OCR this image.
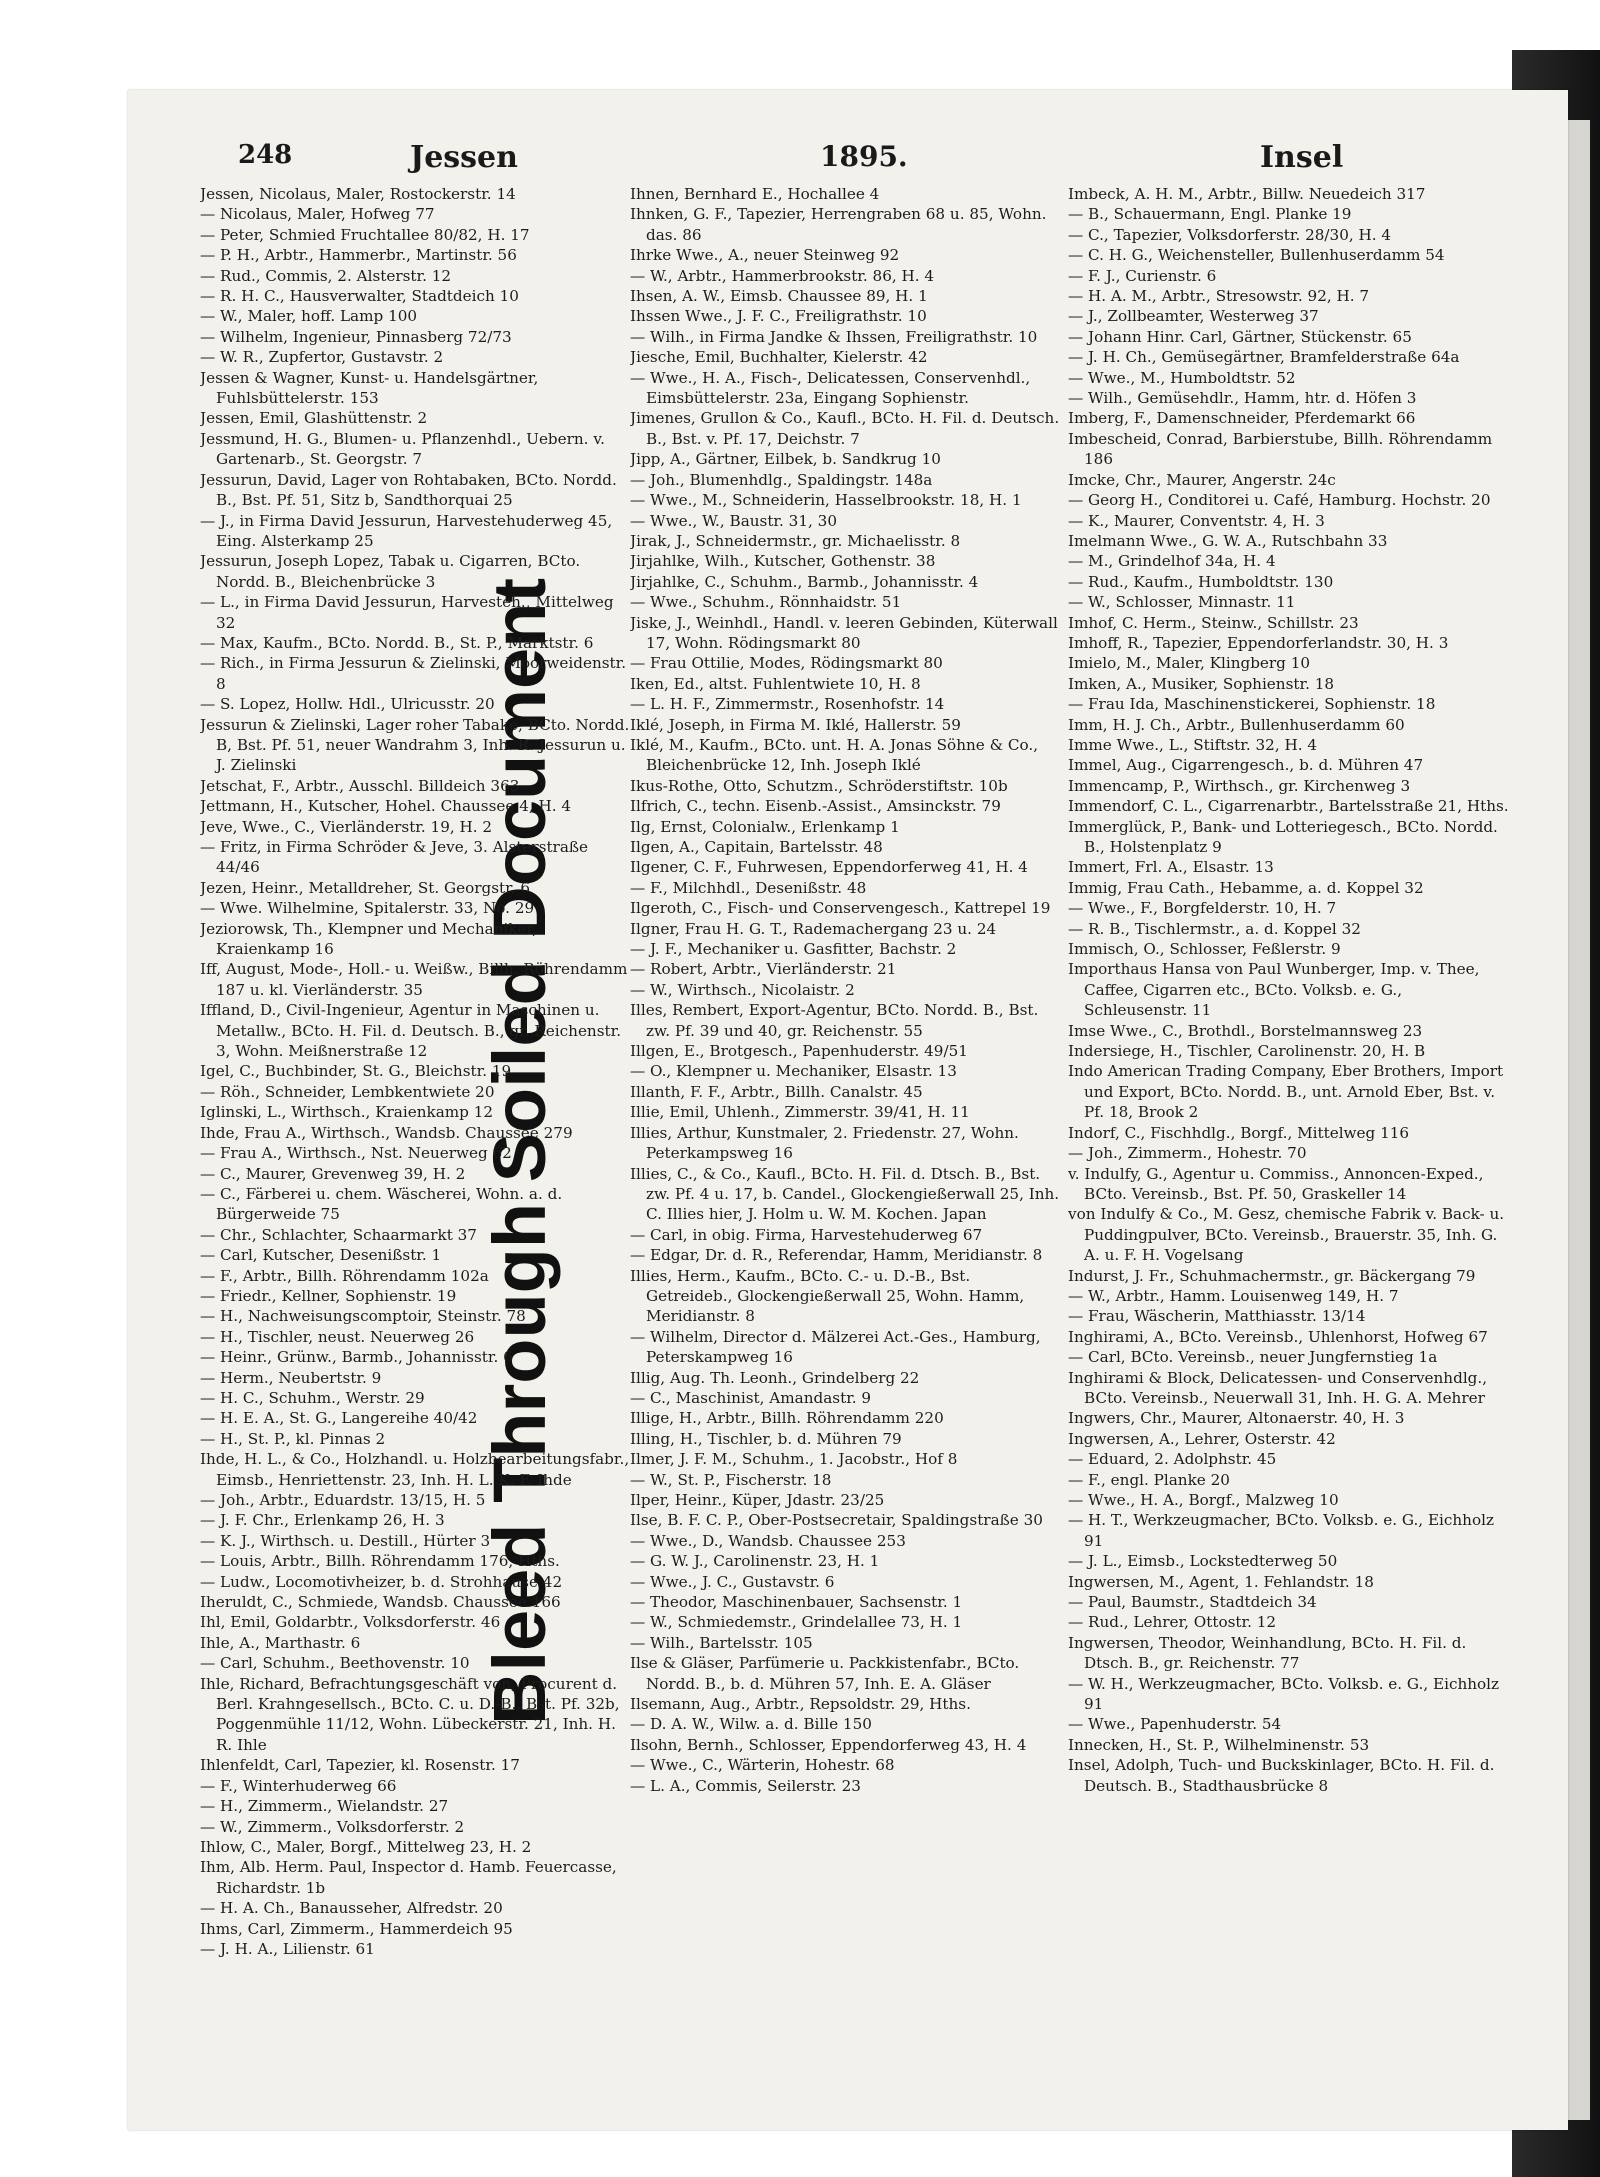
Bleed Through Soiled Document
248	Jessen	1895.	Insel
Jessen, Nicolaus, Maler, Rostockerstr. 14
— Nicolaus, Maler, Hofweg 77
— Peter, Schmied Fruchtallee 80/82, H. 17
— P. H., Arbtr., Hammerbr., Martinstr. 56
— Rud., Commis, 2. Alsterstr. 12
— R. H. C., Hausverwalter, Stadtdeich 10
— W., Maler, hoff. Lamp 100
— Wilhelm, Ingenieur, Pinnasberg 72/73
— W. R., Zupfertor, Gustavstr. 2
Jessen & Wagner, Kunst- u. Handelsgärtner, Fuhlsbüttelerstr. 153
Jessen, Emil, Glashüttenstr. 2
Jessmund, H. G., Blumen- u. Pflanzenhdl., Uebern. v. Gartenarb., St. Georgstr. 7
Jessurun, David, Lager von Rohtabaken, BCto. Nordd. B., Bst. Pf. 51, Sitz b, Sandthorquai 25
— J., in Firma David Jessurun, Harvestehuderweg 45, Eing. Alsterkamp 25
Jessurun, Joseph Lopez, Tabak u. Cigarren, BCto. Nordd. B., Bleichenbrücke 3
— L., in Firma David Jessurun, Harvesteh., Mittelweg 32
— Max, Kaufm., BCto. Nordd. B., St. P., Marktstr. 6
— Rich., in Firma Jessurun & Zielinski, Moorweidenstr. 8
— S. Lopez, Hollw. Hdl., Ulricusstr. 20
Jessurun & Zielinski, Lager roher Tabake, BCto. Nordd. B, Bst. Pf. 51, neuer Wandrahm 3, Inh. R. Jessurun u. J. Zielinski
Jetschat, F., Arbtr., Ausschl. Billdeich 363
Jettmann, H., Kutscher, Hohel. Chaussee 4, H. 4
Jeve, Wwe., C., Vierländerstr. 19, H. 2
— Fritz, in Firma Schröder & Jeve, 3. Alsterstraße 44/46
Jezen, Heinr., Metalldreher, St. Georgstr. 6
— Wwe. Wilhelmine, Spitalerstr. 33, No. 29
Jeziorowsk, Th., Klempner und Mechaniker, Kraienkamp 16
Iff, August, Mode-, Holl.- u. Weißw., Billh. Röhrendamm 187 u. kl. Vierländerstr. 35
Iffland, D., Civil-Ingenieur, Agentur in Maschinen u. Metallw., BCto. H. Fil. d. Deutsch. B., gr. Reichenstr. 3, Wohn. Meißnerstraße 12
Igel, C., Buchbinder, St. G., Bleichstr. 19
— Röh., Schneider, Lembkentwiete 20
Iglinski, L., Wirthsch., Kraienkamp 12
Ihde, Frau A., Wirthsch., Wandsb. Chaussee 279
— Frau A., Wirthsch., Nst. Neuerweg 62
— C., Maurer, Grevenweg 39, H. 2
— C., Färberei u. chem. Wäscherei, Wohn. a. d. Bürgerweide 75
— Chr., Schlachter, Schaarmarkt 37
— Carl, Kutscher, Desenißstr. 1
— F., Arbtr., Billh. Röhrendamm 102a
— Friedr., Kellner, Sophienstr. 19
— H., Nachweisungscomptoir, Steinstr. 78
— H., Tischler, neust. Neuerweg 26
— Heinr., Grünw., Barmb., Johannisstr. 6
— Herm., Neubertstr. 9
— H. C., Schuhm., Werstr. 29
— H. E. A., St. G., Langereihe 40/42
— H., St. P., kl. Pinnas 2
Ihde, H. L., & Co., Holzhandl. u. Holzbearbeitungsfabr., Eimsb., Henriettenstr. 23, Inh. H. L. K. F. Ihde
— Joh., Arbtr., Eduardstr. 13/15, H. 5
— J. F. Chr., Erlenkamp 26, H. 3
— K. J., Wirthsch. u. Destill., Hürter 3
— Louis, Arbtr., Billh. Röhrendamm 176, Hths.
— Ludw., Locomotivheizer, b. d. Strohhause 42
Iheruldt, C., Schmiede, Wandsb. Chaussee 166
Ihl, Emil, Goldarbtr., Volksdorferstr. 46
Ihle, A., Marthastr. 6
— Carl, Schuhm., Beethovenstr. 10
Ihle, Richard, Befrachtungsgeschäft von, Procurent d. Berl. Krahngesellsch., BCto. C. u. D.-B., Bst. Pf. 32b, Poggenmühle 11/12, Wohn. Lübeckerstr. 21, Inh. H. R. Ihle
Ihlenfeldt, Carl, Tapezier, kl. Rosenstr. 17
— F., Winterhuderweg 66
— H., Zimmerm., Wielandstr. 27
— W., Zimmerm., Volksdorferstr. 2
Ihlow, C., Maler, Borgf., Mittelweg 23, H. 2
Ihm, Alb. Herm. Paul, Inspector d. Hamb. Feuercasse, Richardstr. 1b
— H. A. Ch., Banausseher, Alfredstr. 20
Ihms, Carl, Zimmerm., Hammerdeich 95
— J. H. A., Lilienstr. 61
Ihnen, Bernhard E., Hochallee 4
Ihnken, G. F., Tapezier, Herrengraben 68 u. 85, Wohn. das. 86
Ihrke Wwe., A., neuer Steinweg 92
— W., Arbtr., Hammerbrookstr. 86, H. 4
Ihsen, A. W., Eimsb. Chaussee 89, H. 1
Ihssen Wwe., J. F. C., Freiligrathstr. 10
— Wilh., in Firma Jandke & Ihssen, Freiligrathstr. 10
Jiesche, Emil, Buchhalter, Kielerstr. 42
— Wwe., H. A., Fisch-, Delicatessen, Conservenhdl., Eimsbüttelerstr. 23a, Eingang Sophienstr.
Jimenes, Grullon & Co., Kaufl., BCto. H. Fil. d. Deutsch. B., Bst. v. Pf. 17, Deichstr. 7
Jipp, A., Gärtner, Eilbek, b. Sandkrug 10
— Joh., Blumenhdlg., Spaldingstr. 148a
— Wwe., M., Schneiderin, Hasselbrookstr. 18, H. 1
— Wwe., W., Baustr. 31, 30
Jirak, J., Schneidermstr., gr. Michaelisstr. 8
Jirjahlke, Wilh., Kutscher, Gothenstr. 38
Jirjahlke, C., Schuhm., Barmb., Johannisstr. 4
— Wwe., Schuhm., Rönnhaidstr. 51
Jiske, J., Weinhdl., Handl. v. leeren Gebinden, Küterwall 17, Wohn. Rödingsmarkt 80
— Frau Ottilie, Modes, Rödingsmarkt 80
Iken, Ed., altst. Fuhlentwiete 10, H. 8
— L. H. F., Zimmermstr., Rosenhofstr. 14
Iklé, Joseph, in Firma M. Iklé, Hallerstr. 59
Iklé, M., Kaufm., BCto. unt. H. A. Jonas Söhne & Co., Bleichenbrücke 12, Inh. Joseph Iklé
Ikus-Rothe, Otto, Schutzm., Schröderstiftstr. 10b
Ilfrich, C., techn. Eisenb.-Assist., Amsinckstr. 79
Ilg, Ernst, Colonialw., Erlenkamp 1
Ilgen, A., Capitain, Bartelsstr. 48
Ilgener, C. F., Fuhrwesen, Eppendorferweg 41, H. 4
— F., Milchhdl., Desenißstr. 48
Ilgeroth, C., Fisch- und Conservengesch., Kattrepel 19
Ilgner, Frau H. G. T., Rademachergang 23 u. 24
— J. F., Mechaniker u. Gasfitter, Bachstr. 2
— Robert, Arbtr., Vierländerstr. 21
— W., Wirthsch., Nicolaistr. 2
Illes, Rembert, Export-Agentur, BCto. Nordd. B., Bst. zw. Pf. 39 und 40, gr. Reichenstr. 55
Illgen, E., Brotgesch., Papenhuderstr. 49/51
— O., Klempner u. Mechaniker, Elsastr. 13
Illanth, F. F., Arbtr., Billh. Canalstr. 45
Illie, Emil, Uhlenh., Zimmerstr. 39/41, H. 11
Illies, Arthur, Kunstmaler, 2. Friedenstr. 27, Wohn. Peterkampsweg 16
Illies, C., & Co., Kaufl., BCto. H. Fil. d. Dtsch. B., Bst. zw. Pf. 4 u. 17, b. Candel., Glockengießerwall 25, Inh. C. Illies hier, J. Holm u. W. M. Kochen. Japan
— Carl, in obig. Firma, Harvestehuderweg 67
— Edgar, Dr. d. R., Referendar, Hamm, Meridianstr. 8
Illies, Herm., Kaufm., BCto. C.- u. D.-B., Bst. Getreideb., Glockengießerwall 25, Wohn. Hamm, Meridianstr. 8
— Wilhelm, Director d. Mälzerei Act.-Ges., Hamburg, Peterskampweg 16
Illig, Aug. Th. Leonh., Grindelberg 22
— C., Maschinist, Amandastr. 9
Illige, H., Arbtr., Billh. Röhrendamm 220
Illing, H., Tischler, b. d. Mühren 79
Ilmer, J. F. M., Schuhm., 1. Jacobstr., Hof 8
— W., St. P., Fischerstr. 18
Ilper, Heinr., Küper, Jdastr. 23/25
Ilse, B. F. C. P., Ober-Postsecretair, Spaldingstraße 30
— Wwe., D., Wandsb. Chaussee 253
— G. W. J., Carolinenstr. 23, H. 1
— Wwe., J. C., Gustavstr. 6
— Theodor, Maschinenbauer, Sachsenstr. 1
— W., Schmiedemstr., Grindelallee 73, H. 1
— Wilh., Bartelsstr. 105
Ilse & Gläser, Parfümerie u. Packkistenfabr., BCto. Nordd. B., b. d. Mühren 57, Inh. E. A. Gläser
Ilsemann, Aug., Arbtr., Repsoldstr. 29, Hths.
— D. A. W., Wilw. a. d. Bille 150
Ilsohn, Bernh., Schlosser, Eppendorferweg 43, H. 4
— Wwe., C., Wärterin, Hohestr. 68
— L. A., Commis, Seilerstr. 23
Imbeck, A. H. M., Arbtr., Billw. Neuedeich 317
— B., Schauermann, Engl. Planke 19
— C., Tapezier, Volksdorferstr. 28/30, H. 4
— C. H. G., Weichensteller, Bullenhuserdamm 54
— F. J., Curienstr. 6
— H. A. M., Arbtr., Stresowstr. 92, H. 7
— J., Zollbeamter, Westerweg 37
— Johann Hinr. Carl, Gärtner, Stückenstr. 65
— J. H. Ch., Gemüsegärtner, Bramfelderstraße 64a
— Wwe., M., Humboldtstr. 52
— Wilh., Gemüsehdlr., Hamm, htr. d. Höfen 3
Imberg, F., Damenschneider, Pferdemarkt 66
Imbescheid, Conrad, Barbierstube, Billh. Röhrendamm 186
Imcke, Chr., Maurer, Angerstr. 24c
— Georg H., Conditorei u. Café, Hamburg. Hochstr. 20
— K., Maurer, Conventstr. 4, H. 3
Imelmann Wwe., G. W. A., Rutschbahn 33
— M., Grindelhof 34a, H. 4
— Rud., Kaufm., Humboldtstr. 130
— W., Schlosser, Minnastr. 11
Imhof, C. Herm., Steinw., Schillstr. 23
Imhoff, R., Tapezier, Eppendorferlandstr. 30, H. 3
Imielo, M., Maler, Klingberg 10
Imken, A., Musiker, Sophienstr. 18
— Frau Ida, Maschinenstickerei, Sophienstr. 18
Imm, H. J. Ch., Arbtr., Bullenhuserdamm 60
Imme Wwe., L., Stiftstr. 32, H. 4
Immel, Aug., Cigarrengesch., b. d. Mühren 47
Immencamp, P., Wirthsch., gr. Kirchenweg 3
Immendorf, C. L., Cigarrenarbtr., Bartelsstraße 21, Hths.
Immerglück, P., Bank- und Lotteriegesch., BCto. Nordd. B., Holstenplatz 9
Immert, Frl. A., Elsastr. 13
Immig, Frau Cath., Hebamme, a. d. Koppel 32
— Wwe., F., Borgfelderstr. 10, H. 7
— R. B., Tischlermstr., a. d. Koppel 32
Immisch, O., Schlosser, Feßlerstr. 9
Importhaus Hansa von Paul Wunberger, Imp. v. Thee, Caffee, Cigarren etc., BCto. Volksb. e. G., Schleusenstr. 11
Imse Wwe., C., Brothdl., Borstelmannsweg 23
Indersiege, H., Tischler, Carolinenstr. 20, H. B
Indo American Trading Company, Eber Brothers, Import und Export, BCto. Nordd. B., unt. Arnold Eber, Bst. v. Pf. 18, Brook 2
Indorf, C., Fischhdlg., Borgf., Mittelweg 116
— Joh., Zimmerm., Hohestr. 70
v. Indulfy, G., Agentur u. Commiss., Annoncen-Exped., BCto. Vereinsb., Bst. Pf. 50, Graskeller 14
von Indulfy & Co., M. Gesz, chemische Fabrik v. Back- u. Puddingpulver, BCto. Vereinsb., Brauerstr. 35, Inh. G. A. u. F. H. Vogelsang
Indurst, J. Fr., Schuhmachermstr., gr. Bäckergang 79
— W., Arbtr., Hamm. Louisenweg 149, H. 7
— Frau, Wäscherin, Matthiasstr. 13/14
Inghirami, A., BCto. Vereinsb., Uhlenhorst, Hofweg 67
— Carl, BCto. Vereinsb., neuer Jungfernstieg 1a
Inghirami & Block, Delicatessen- und Conservenhdlg., BCto. Vereinsb., Neuerwall 31, Inh. H. G. A. Mehrer
Ingwers, Chr., Maurer, Altonaerstr. 40, H. 3
Ingwersen, A., Lehrer, Osterstr. 42
— Eduard, 2. Adolphstr. 45
— F., engl. Planke 20
— Wwe., H. A., Borgf., Malzweg 10
— H. T., Werkzeugmacher, BCto. Volksb. e. G., Eichholz 91
— J. L., Eimsb., Lockstedterweg 50
Ingwersen, M., Agent, 1. Fehlandstr. 18
— Paul, Baumstr., Stadtdeich 34
— Rud., Lehrer, Ottostr. 12
Ingwersen, Theodor, Weinhandlung, BCto. H. Fil. d. Dtsch. B., gr. Reichenstr. 77
— W. H., Werkzeugmacher, BCto. Volksb. e. G., Eichholz 91
— Wwe., Papenhuderstr. 54
Innecken, H., St. P., Wilhelminenstr. 53
Insel, Adolph, Tuch- und Buckskinlager, BCto. H. Fil. d. Deutsch. B., Stadthausbrücke 8
